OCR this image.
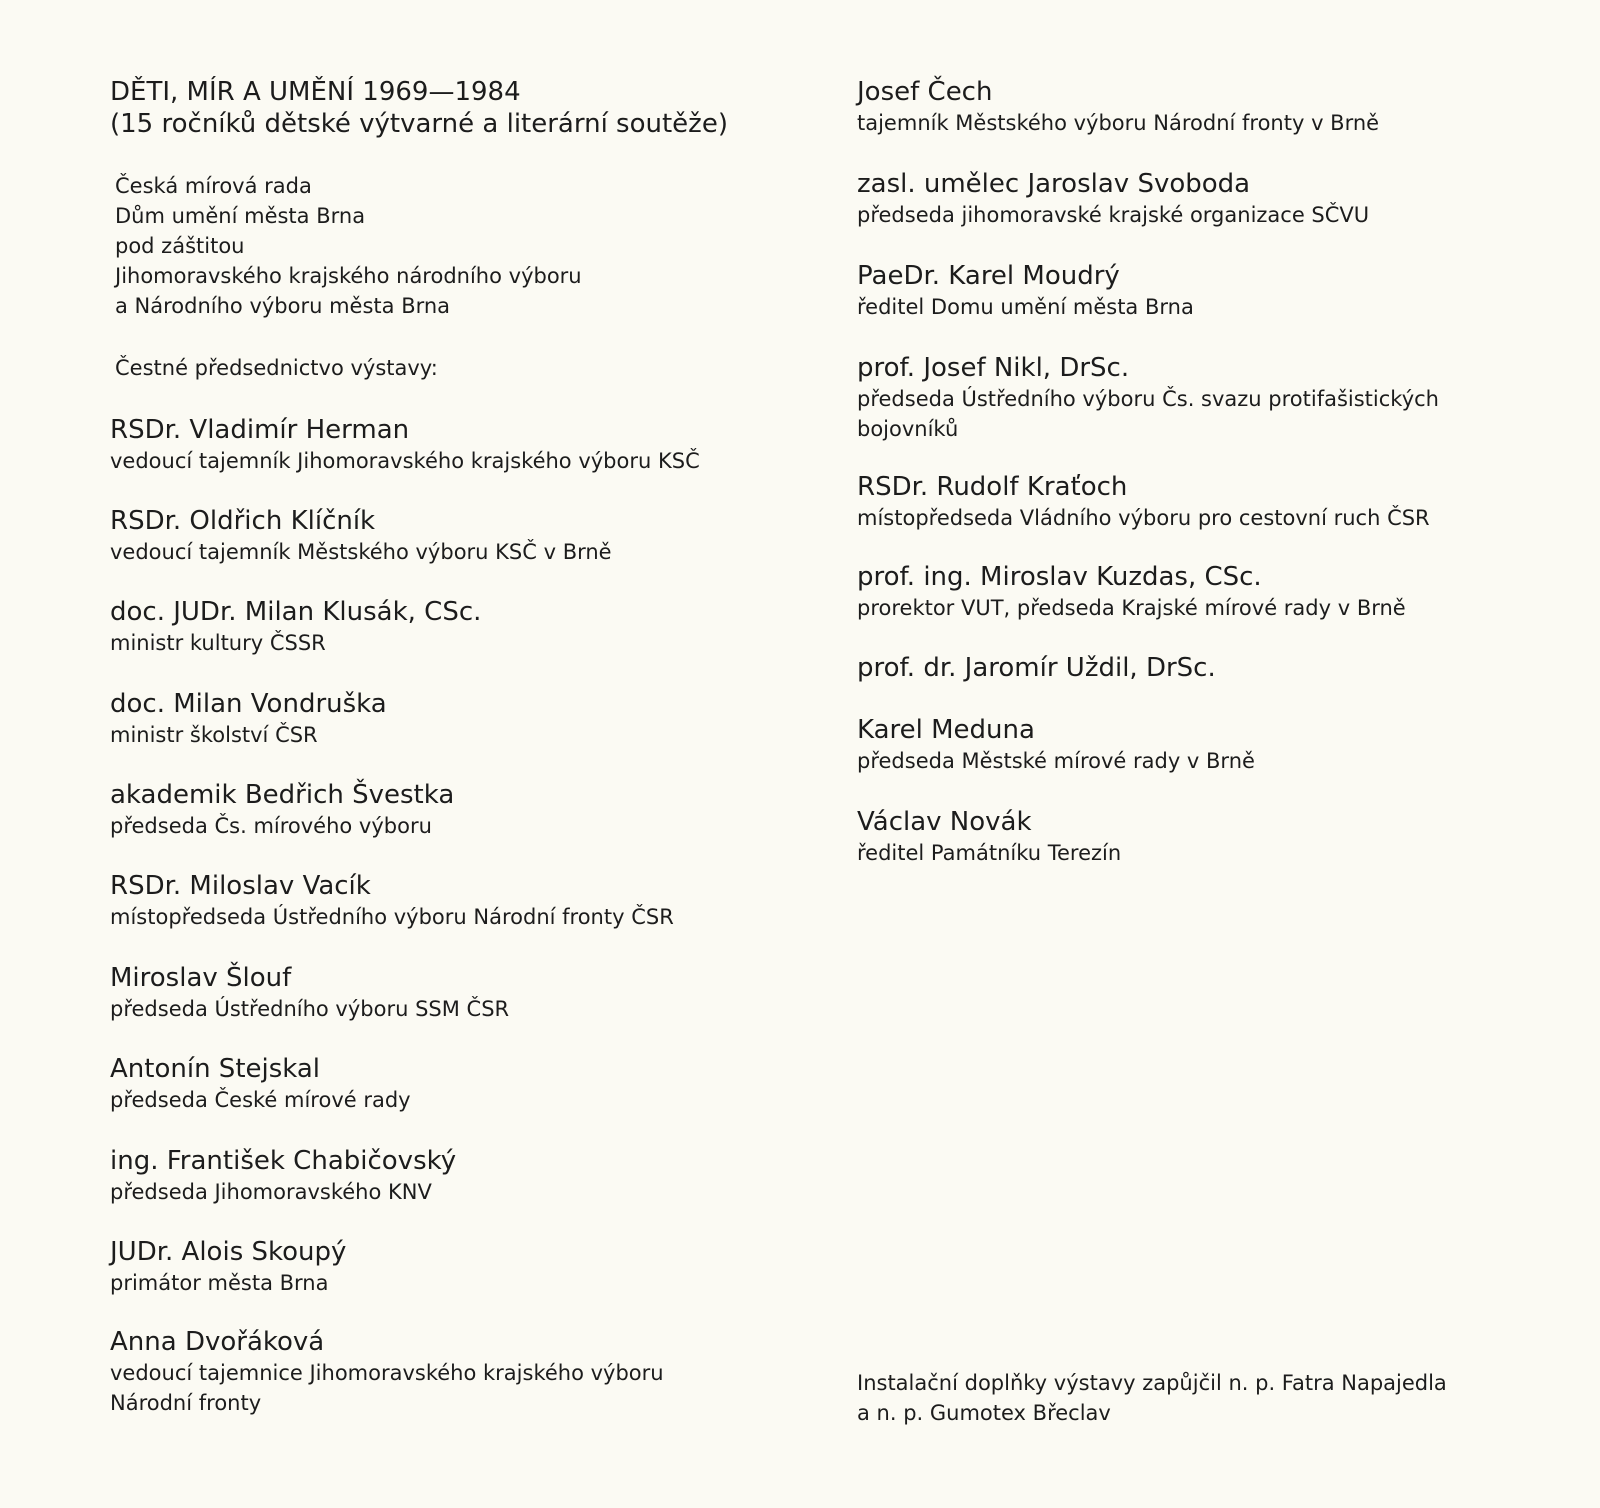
DĚTI, MÍR A UMĚNÍ 1969—1984
(15 ročníků dětské výtvarné a literární soutěže)
Česká mírová rada
Dům umění města Brna
pod záštitou
Jihomoravského krajského národního výboru
a Národního výboru města Brna
Čestné předsednictvo výstavy:
RSDr. Vladimír Herman
vedoucí tajemník Jihomoravského krajského výboru KSČ
RSDr. Oldřich Klíčník
vedoucí tajemník Městského výboru KSČ v Brně
doc. JUDr. Milan Klusák, CSc.
ministr kultury ČSSR
doc. Milan Vondruška
ministr školství ČSR
akademik Bedřich Švestka
předseda Čs. mírového výboru
RSDr. Miloslav Vacík
místopředseda Ústředního výboru Národní fronty ČSR
Miroslav Šlouf
předseda Ústředního výboru SSM ČSR
Antonín Stejskal
předseda České mírové rady
ing. František Chabičovský
předseda Jihomoravského KNV
JUDr. Alois Skoupý
primátor města Brna
Anna Dvořáková
vedoucí tajemnice Jihomoravského krajského výboru
Národní fronty
Josef Čech
tajemník Městského výboru Národní fronty v Brně
zasl. umělec Jaroslav Svoboda
předseda jihomoravské krajské organizace SČVU
PaeDr. Karel Moudrý
ředitel Domu umění města Brna
prof. Josef Nikl, DrSc.
předseda Ústředního výboru Čs. svazu protifašistických
bojovníků
RSDr. Rudolf Kraťoch
místopředseda Vládního výboru pro cestovní ruch ČSR
prof. ing. Miroslav Kuzdas, CSc.
prorektor VUT, předseda Krajské mírové rady v Brně
prof. dr. Jaromír Uždil, DrSc.
Karel Meduna
předseda Městské mírové rady v Brně
Václav Novák
ředitel Památníku Terezín
Instalační doplňky výstavy zapůjčil n. p. Fatra Napajedla
a n. p. Gumotex Břeclav
